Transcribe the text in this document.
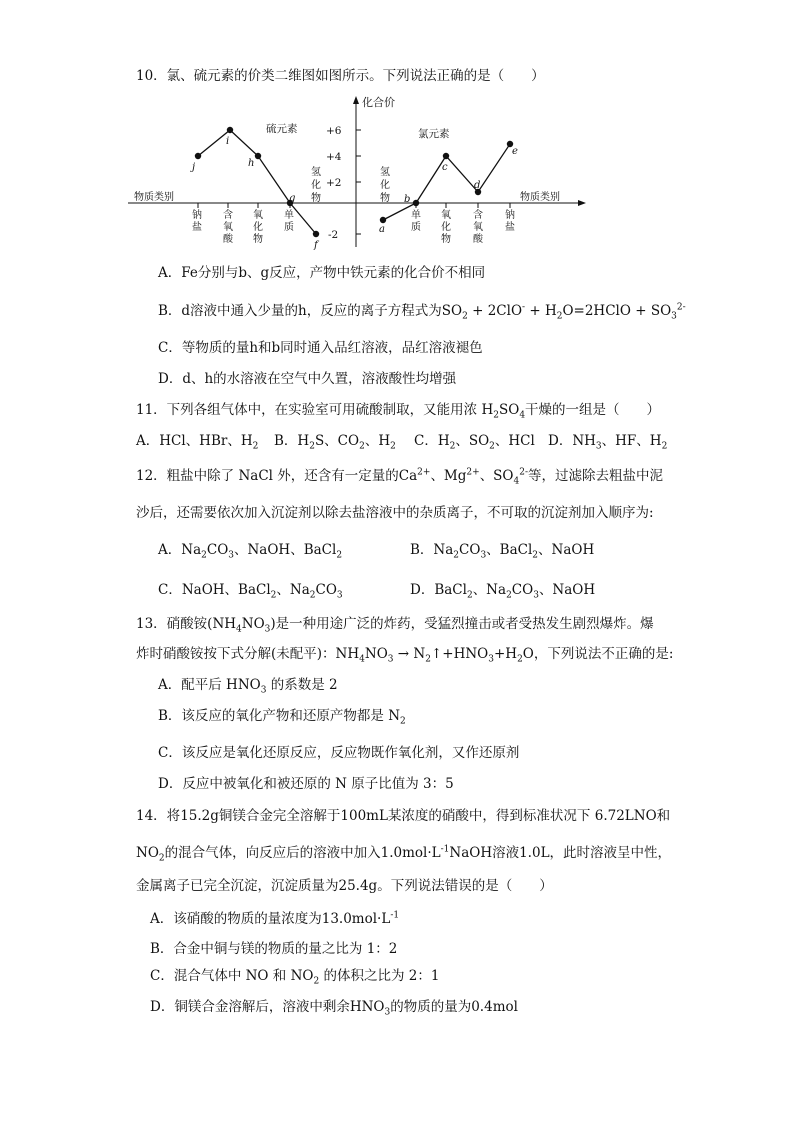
10．氯、硫元素的价类二维图如图所示。下列说法正确的是（　　）
化合价
物质类别	物质类别
硫元素	氯元素
+6
+4
+2
-2
氢
化
物
氢
化
物
钠
盐
含
氧
酸
氧
化
物
单
质
单
质
氧
化
物
含
氧
酸
钠
盐
j
i
h
g
f
a
b
c
d
e
A．Fe分别与b、g反应，产物中铁元素的化合价不相同
B．d溶液中通入少量的h，反应的离子方程式为$SO_2 + 2ClO^-$ + $H_2O=2HClO + SO_3^{2-}$
C．等物质的量h和b同时通入品红溶液，品红溶液褪色
D．d、h的水溶液在空气中久置，溶液酸性均增强
11．下列各组气体中，在实验室可用硫酸制取，又能用浓 $H_2SO_4$干燥的一组是（　　）
A．HCl、HBr、$H_2$ B．$H_2S$、$CO_2$、$H_2$ C．$H_2$、$SO_2$、HCl D．$NH_3$、HF、$H_2$
12．粗盐中除了 NaCl 外，还含有一定量的$Ca^{2+}$、$Mg^{2+}$、$SO_4^{2-}$等，过滤除去粗盐中泥
沙后，还需要依次加入沉淀剂以除去盐溶液中的杂质离子，不可取的沉淀剂加入顺序为:
A．$Na_2CO_3$、NaOH、BaCl$_2$	B．$Na_2CO_3$、BaCl$_2$、NaOH
C．NaOH、BaCl$_2$、$Na_2CO_3$	D．BaCl$_2$、$Na_2CO_3$、NaOH
13．硝酸铵$(NH_4NO_3)$是一种用途广泛的炸药，受猛烈撞击或者受热发生剧烈爆炸。爆
炸时硝酸铵按下式分解(未配平)：$NH_4NO_3$ → $N_2↑+HNO_3+H_2O$，下列说法不正确的是:
A．配平后 $HNO_3$ 的系数是 2
B．该反应的氧化产物和还原产物都是 $N_2$
C．该反应是氧化还原反应，反应物既作氧化剂，又作还原剂
D．反应中被氧化和被还原的 N 原子比值为 3：5
14．将15.2g铜镁合金完全溶解于100mL某浓度的硝酸中，得到标准状况下 6.72LNO和
$NO_2$的混合气体，向反应后的溶液中加入$1.0mol\cdot L^{-1}NaOH$溶液1.0L，此时溶液呈中性，
金属离子已完全沉淀，沉淀质量为25.4g。下列说法错误的是（　　）
A．该硝酸的物质的量浓度为$13.0mol\cdot L^{-1}$
B．合金中铜与镁的物质的量之比为 1：2
C．混合气体中 NO 和 $NO_2$ 的体积之比为 2：1
D．铜镁合金溶解后，溶液中剩余$HNO_3$的物质的量为0.4mol
